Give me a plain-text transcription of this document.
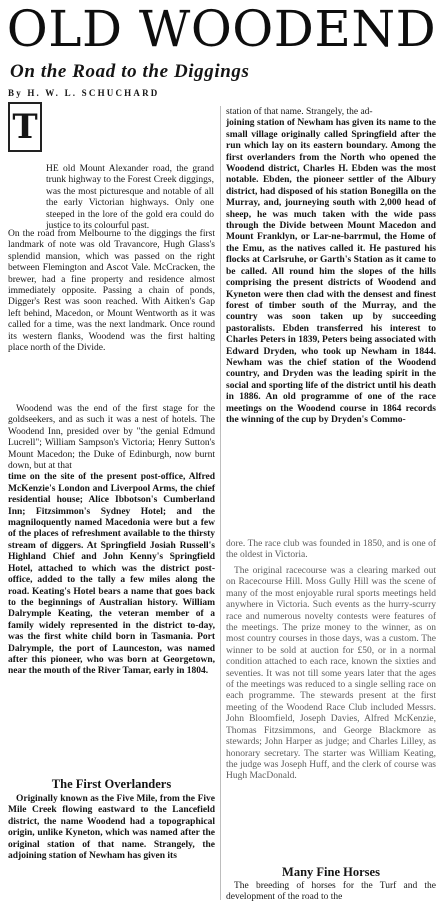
OLD WOODEND
On the Road to the Diggings
By H. W. L. SCHUCHARD
T

HE old Mount Alexander road, the grand trunk highway to the Forest Creek diggings, was the most picturesque and notable of all the early Victorian highways. Only one steeped in the lore of the gold era could do justice to its colourful past.

On the road from Melbourne to the diggings the first landmark of note was old Travancore, Hugh Glass's splendid mansion, which was passed on the right between Flemington and Ascot Vale. McCracken, the brewer, had a fine property and residence almost immediately opposite. Passing a chain of ponds, Digger's Rest was soon reached. With Aitken's Gap left behind, Macedon, or Mount Wentworth as it was called for a time, was the next landmark. Once round its western flanks, Woodend was the first halting place north of the Divide.

Woodend was the end of the first stage for the goldseekers, and as such it was a nest of hotels. The Woodend Inn, presided over by "the genial Edmund Lucrell"; William Sampson's Victoria; Henry Sutton's Mount Macedon; the Duke of Edinburgh, now burnt down, but at that

time on the site of the present post-office, Alfred McKenzie's London and Liverpool Arms, the chief residential house; Alice Ibbotson's Cumberland Inn; Fitzsimmon's Sydney Hotel; and the magniloquently named Macedonia were but a few of the places of refreshment available to the thirsty stream of diggers. At Springfield Josiah Russell's Highland Chief and John Kenny's Springfield Hotel, attached to which was the district post-office, added to the tally a few miles along the road. Keating's Hotel bears a name that goes back to the beginnings of Australian history. William Dalrymple Keating, the veteran member of a family widely represented in the district to-day, was the first white child born in Tasmania. Port Dalrymple, the port of Launceston, was named after this pioneer, who was born at Georgetown, near the mouth of the River Tamar, early in 1804.

The First Overlanders

Originally known as the Five Mile, from the Five Mile Creek flowing eastward to the Lancefield district, the name Woodend had a topographical origin, unlike Kyneton, which was named after the original station of that name. Strangely, the adjoining station of Newham has given its

station of that name. Strangely, the ad-

joining station of Newham has given its name to the small village originally called Springfield after the run which lay on its eastern boundary. Among the first overlanders from the North who opened the Woodend district, Charles H. Ebden was the most notable. Ebden, the pioneer settler of the Albury district, had disposed of his station Bonegilla on the Murray, and, journeying south with 2,000 head of sheep, he was much taken with the wide pass through the Divide between Mount Macedon and Mount Franklyn, or Lar-ne-barrmul, the Home of the Emu, as the natives called it. He pastured his flocks at Carlsruhe, or Garth's Station as it came to be called. All round him the slopes of the hills comprising the present districts of Woodend and Kyneton were then clad with the densest and finest forest of timber south of the Murray, and the country was soon taken up by succeeding pastoralists. Ebden transferred his interest to Charles Peters in 1839, Peters being associated with Edward Dryden, who took up Newham in 1844. Newham was the chief station of the Woodend country, and Dryden was the leading spirit in the social and sporting life of the district until his death in 1886. An old programme of one of the race meetings on the Woodend course in 1864 records the winning of the cup by Dryden's Commo-

dore. The race club was founded in 1850, and is one of the oldest in Victoria.

The original racecourse was a clearing marked out on Racecourse Hill. Moss Gully Hill was the scene of many of the most enjoyable rural sports meetings held anywhere in Victoria. Such events as the hurry-scurry race and numerous novelty contests were features of the meetings. The prize money to the winner, as on most country courses in those days, was a custom. The winner to be sold at auction for £50, or in a normal condition attached to each race, known the sixties and seventies. It was not till some years later that the ages of the meetings was reduced to a single selling race on each programme. The stewards present at the first meeting of the Woodend Race Club included Messrs. John Bloomfield, Joseph Davies, Alfred McKenzie, Thomas Fitzsimmons, and George Blackmore as stewards; John Harper as judge; and Charles Lilley, as honorary secretary. The starter was William Keating, the judge was Joseph Huff, and the clerk of course was Hugh MacDonald.

Many Fine Horses

The breeding of horses for the Turf and the development of the road to the
